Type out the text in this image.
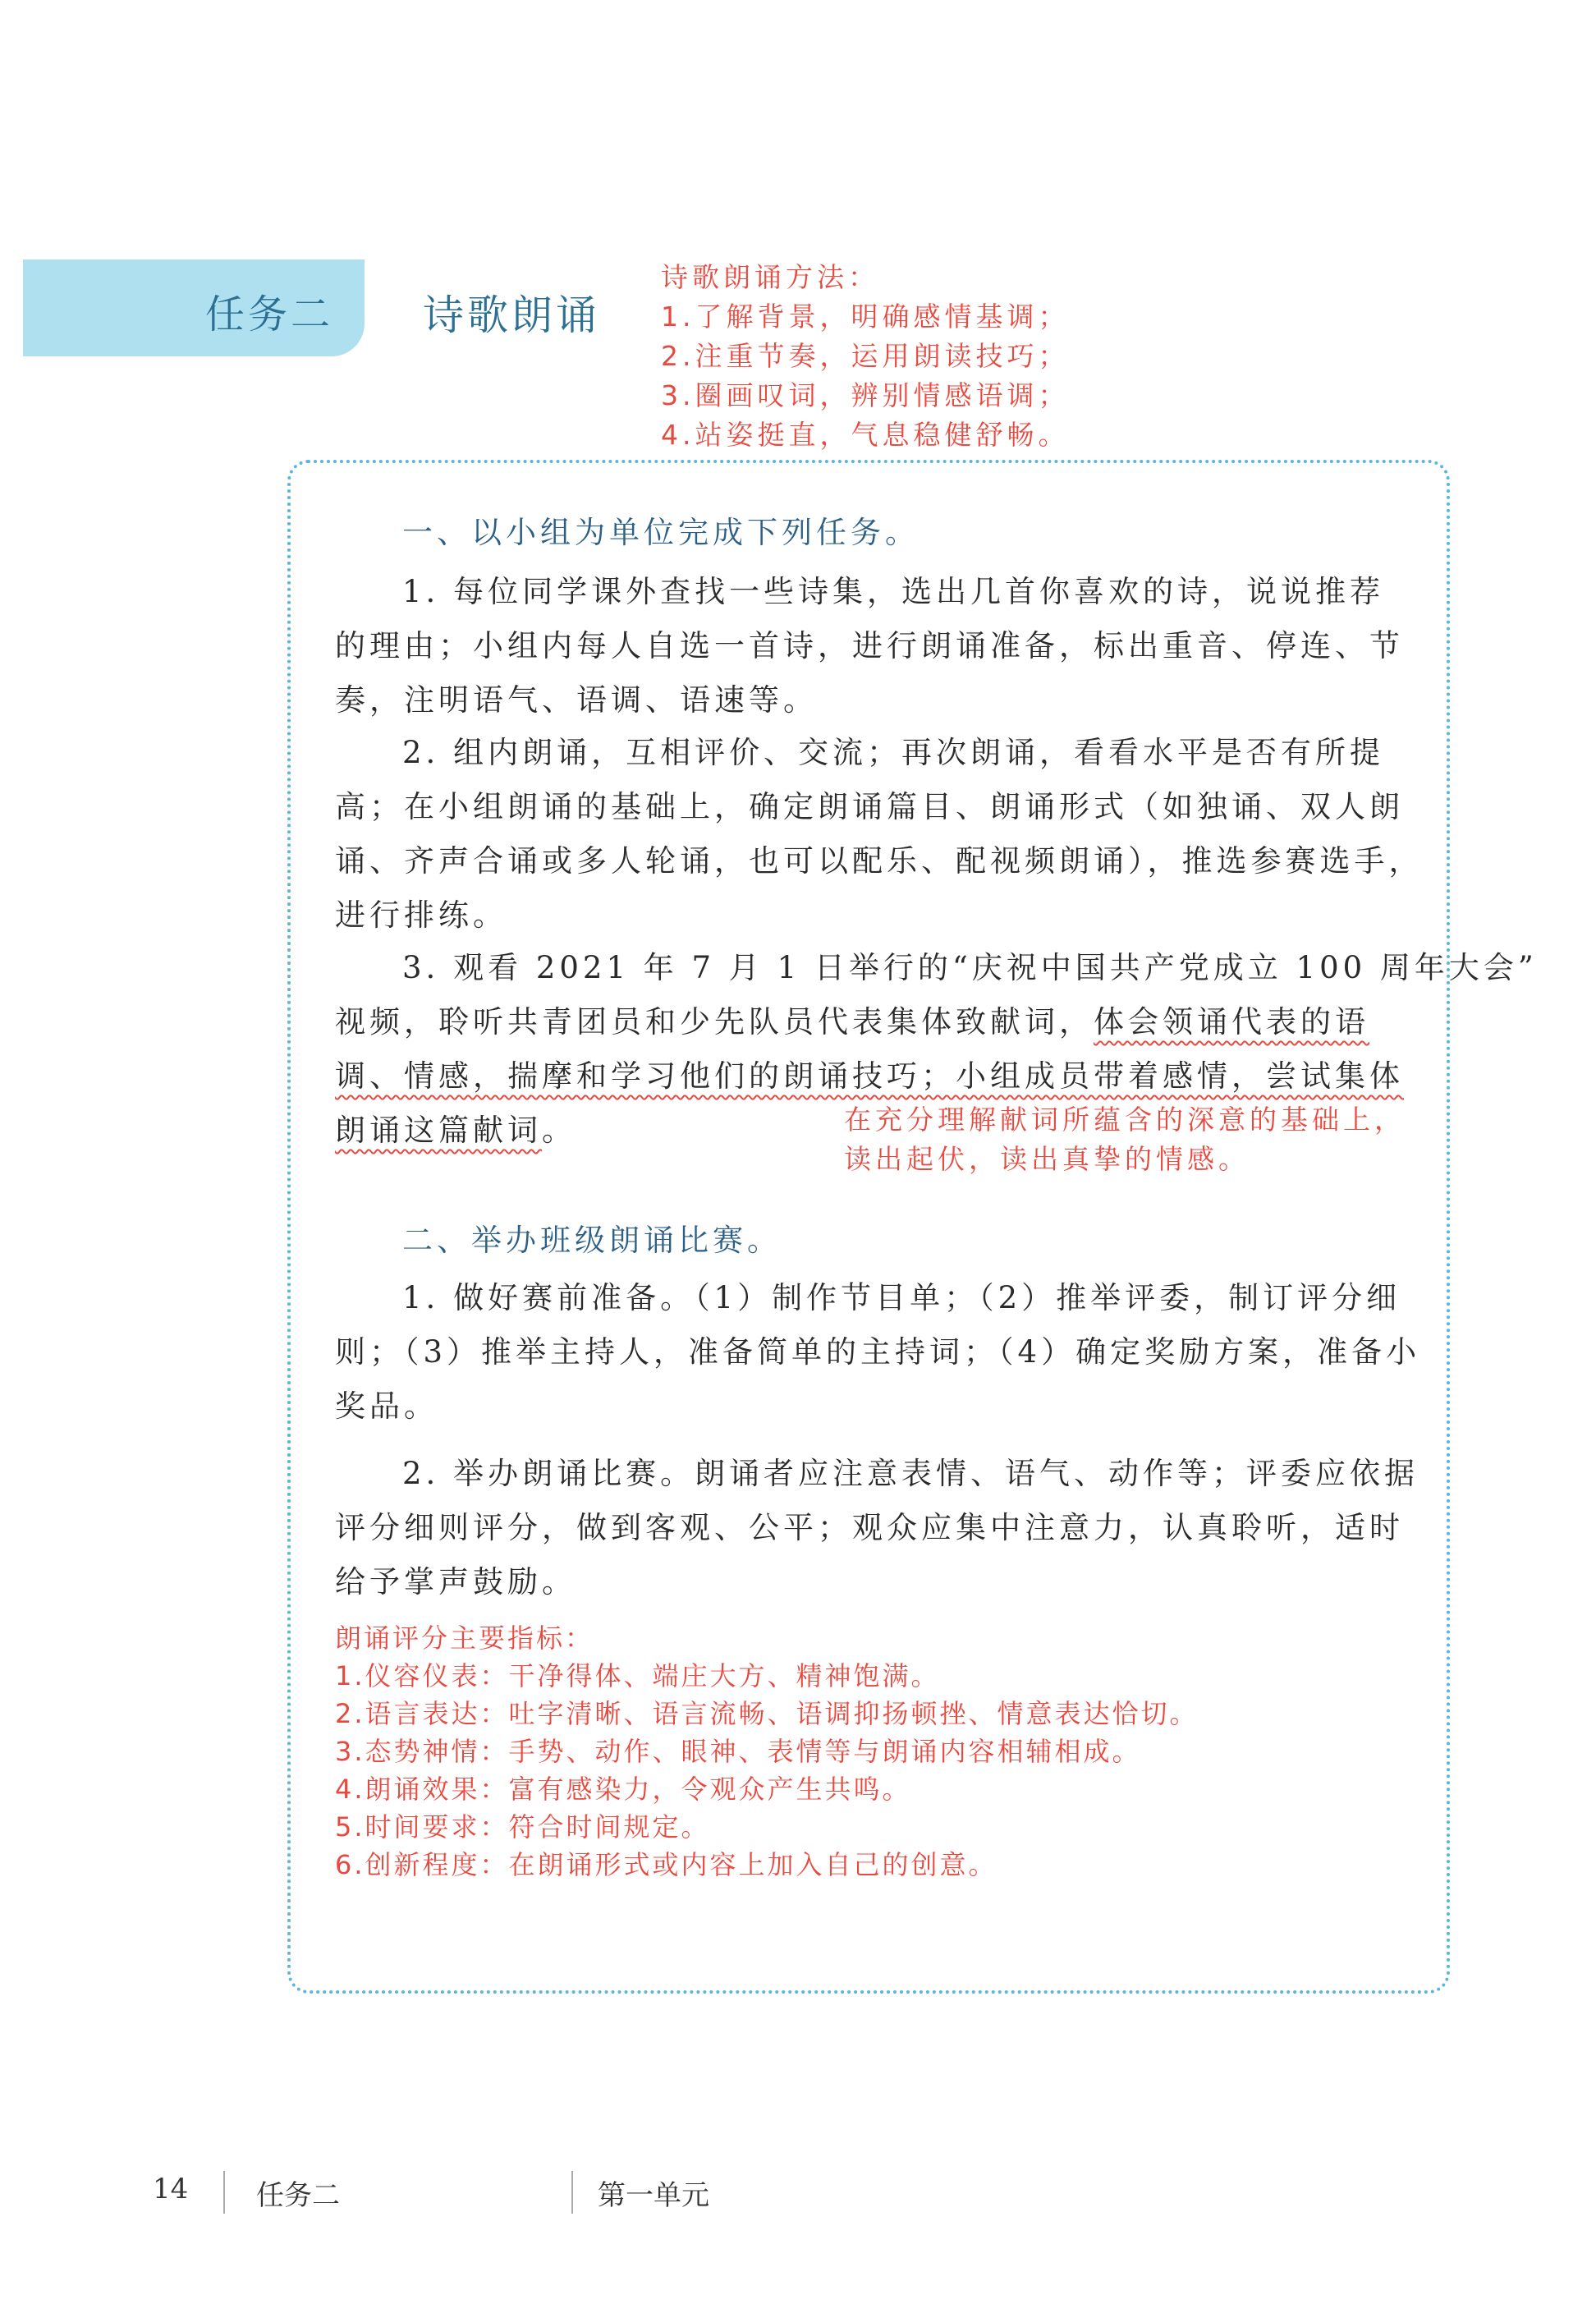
任务二 诗歌朗诵
诗歌朗诵方法：
1.了解背景，明确感情基调；
2.注重节奏，运用朗读技巧；
3.圈画叹词，辨别情感语调；
4.站姿挺直，气息稳健舒畅。
一、以小组为单位完成下列任务。
1. 每位同学课外查找一些诗集，选出几首你喜欢的诗，说说推荐
的理由；小组内每人自选一首诗，进行朗诵准备，标出重音、停连、节
奏，注明语气、语调、语速等。
2. 组内朗诵，互相评价、交流；再次朗诵，看看水平是否有所提
高；在小组朗诵的基础上，确定朗诵篇目、朗诵形式（如独诵、双人朗
诵、齐声合诵或多人轮诵，也可以配乐、配视频朗诵），推选参赛选手，
进行排练。
3. 观看 2021 年 7 月 1 日举行的“庆祝中国共产党成立 100 周年大会”
视频，聆听共青团员和少先队员代表集体致献词，体会领诵代表的语
调、情感，揣摩和学习他们的朗诵技巧；小组成员带着感情，尝试集体
朗诵这篇献词。	在充分理解献词所蕴含的深意的基础上，
读出起伏，读出真挚的情感。
二、举办班级朗诵比赛。
1. 做好赛前准备。（1）制作节目单；（2）推举评委，制订评分细
则；（3）推举主持人，准备简单的主持词；（4）确定奖励方案，准备小
奖品。
2. 举办朗诵比赛。朗诵者应注意表情、语气、动作等；评委应依据
评分细则评分，做到客观、公平；观众应集中注意力，认真聆听，适时
给予掌声鼓励。
朗诵评分主要指标：
1.仪容仪表：干净得体、端庄大方、精神饱满。
2.语言表达：吐字清晰、语言流畅、语调抑扬顿挫、情意表达恰切。
3.态势神情：手势、动作、眼神、表情等与朗诵内容相辅相成。
4.朗诵效果：富有感染力，令观众产生共鸣。
5.时间要求：符合时间规定。
6.创新程度：在朗诵形式或内容上加入自己的创意。
14 任务二	第一单元
